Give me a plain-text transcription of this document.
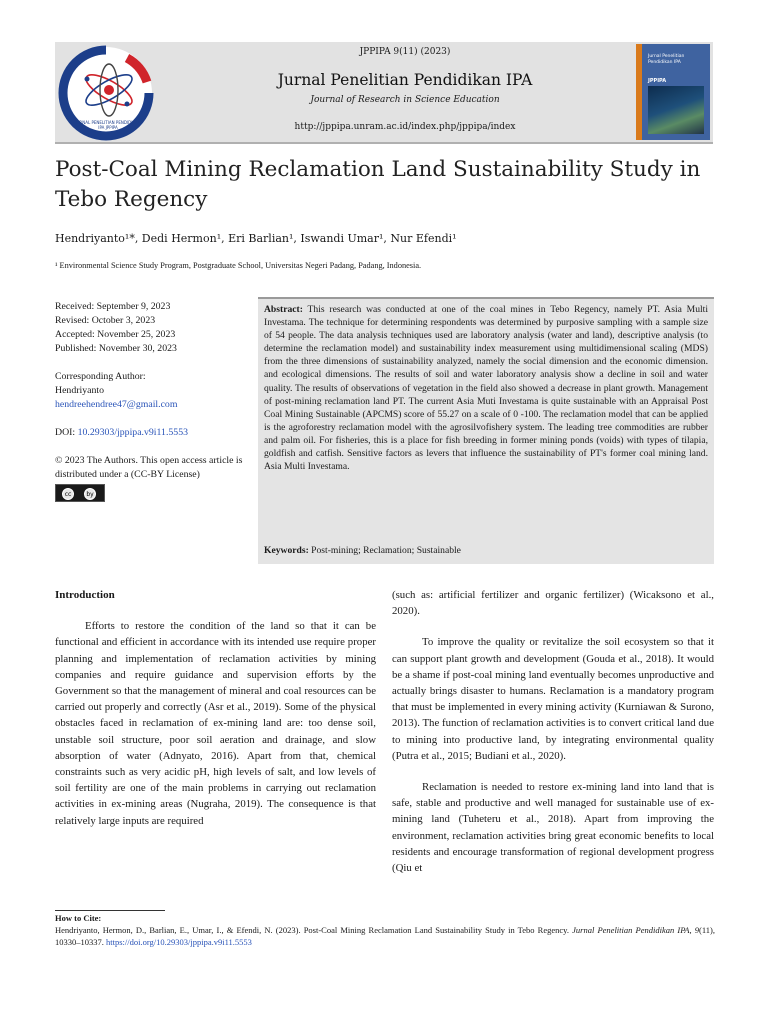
JURNAL PENELITIAN PENDIDIKAN IPA JPPIPA
JPPIPA 9(11) (2023)
Jurnal Penelitian Pendidikan IPA
Journal of Research in Science Education
http://jppipa.unram.ac.id/index.php/jppipa/index
Jurnal Penelitian Pendidikan IPA
JPPIPA
Post-Coal Mining Reclamation Land Sustainability Study in Tebo Regency
Hendriyanto¹*, Dedi Hermon¹, Eri Barlian¹, Iswandi Umar¹, Nur Efendi¹
¹ Environmental Science Study Program, Postgraduate School, Universitas Negeri Padang, Padang, Indonesia.
Received: September 9, 2023
Revised: October 3, 2023
Accepted: November 25, 2023
Published: November 30, 2023
Corresponding Author:
Hendriyanto
hendreehendree47@gmail.com
DOI: 10.29303/jppipa.v9i11.5553
© 2023 The Authors. This open access article is distributed under a (CC-BY License)
cc	by
Abstract: This research was conducted at one of the coal mines in Tebo Regency, namely PT. Asia Multi Investama. The technique for determining respondents was determined by purposive sampling with a sample size of 54 people. The data analysis techniques used are laboratory analysis (water and land), descriptive analysis (to determine the reclamation model) and sustainability index measurement using multidimensional scaling (MDS) from the three dimensions of sustainability analyzed, namely the social dimension and the economic dimension. and ecological dimensions. The results of soil and water laboratory analysis show a decline in soil and water quality. The results of observations of vegetation in the field also showed a decrease in plant growth. Management of post-mining reclamation land PT. The current Asia Muti Investama is quite sustainable with an Appraisal Post Coal Mining Sustainable (APCMS) score of 55.27 on a scale of 0 -100. The reclamation model that can be applied is the agroforestry reclamation model with the agrosilvofishery system. The leading tree commodities are rubber and palm oil. For fisheries, this is a place for fish breeding in former mining ponds (voids) with types of tilapia, goldfish and catfish. Sensitive factors as levers that influence the sustainability of PT's former coal mining land. Asia Multi Investama.
Keywords: Post-mining; Reclamation; Sustainable
Introduction
Efforts to restore the condition of the land so that it can be functional and efficient in accordance with its intended use require proper planning and implementation of reclamation activities by mining companies and require guidance and supervision efforts by the Government so that the management of mineral and coal resources can be carried out properly and correctly (Asr et al., 2019). Some of the physical obstacles faced in reclamation of ex-mining land are: too dense soil, unstable soil structure, poor soil aeration and drainage, and slow absorption of water (Adnyato, 2016). Apart from that, chemical constraints such as very acidic pH, high levels of salt, and low levels of soil fertility are one of the main problems in carrying out reclamation activities in ex-mining areas (Nugraha, 2019). The consequence is that relatively large inputs are required
(such as: artificial fertilizer and organic fertilizer) (Wicaksono et al., 2020).
To improve the quality or revitalize the soil ecosystem so that it can support plant growth and development (Gouda et al., 2018). It would be a shame if post-coal mining land eventually becomes unproductive and actually brings disaster to humans. Reclamation is a mandatory program that must be implemented in every mining activity (Kurniawan & Surono, 2013). The function of reclamation activities is to convert critical land due to mining into productive land, by integrating environmental quality (Putra et al., 2015; Budiani et al., 2020).
Reclamation is needed to restore ex-mining land into land that is safe, stable and productive and well managed for sustainable use of ex-mining land (Tuheteru et al., 2018). Apart from improving the environment, reclamation activities bring great economic benefits to local residents and encourage transformation of regional development progress (Qiu et
How to Cite:
Hendriyanto, Hermon, D., Barlian, E., Umar, I., & Efendi, N. (2023). Post-Coal Mining Reclamation Land Sustainability Study in Tebo Regency. Jurnal Penelitian Pendidikan IPA, 9(11), 10330–10337. https://doi.org/10.29303/jppipa.v9i11.5553
